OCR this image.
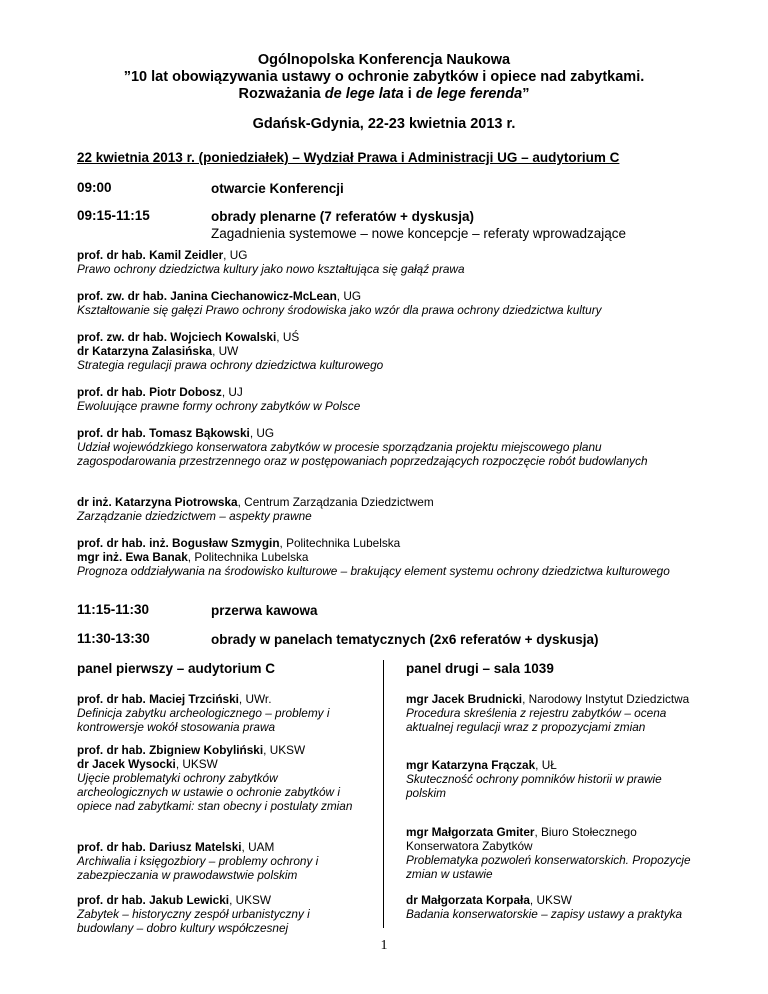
Ogólnopolska Konferencja Naukowa
”10 lat obowiązywania ustawy o ochronie zabytków i opiece nad zabytkami.
Rozważania de lege lata i de lege ferenda”
Gdańsk-Gdynia, 22-23 kwietnia 2013 r.
22 kwietnia 2013 r. (poniedziałek) – Wydział Prawa i Administracji UG – audytorium C
09:00	otwarcie Konferencji
09:15-11:15	obrady plenarne (7 referatów + dyskusja)
Zagadnienia systemowe – nowe koncepcje – referaty wprowadzające
prof. dr hab. Kamil Zeidler, UG
Prawo ochrony dziedzictwa kultury jako nowo kształtująca się gałąź prawa
prof. zw. dr hab. Janina Ciechanowicz-McLean, UG
Kształtowanie się gałęzi Prawo ochrony środowiska jako wzór dla prawa ochrony dziedzictwa kultury
prof. zw. dr hab. Wojciech Kowalski, UŚ
dr Katarzyna Zalasińska, UW
Strategia regulacji prawa ochrony dziedzictwa kulturowego
prof. dr hab. Piotr Dobosz, UJ
Ewoluujące prawne formy ochrony zabytków w Polsce
prof. dr hab. Tomasz Bąkowski, UG
Udział wojewódzkiego konserwatora zabytków w procesie sporządzania projektu miejscowego planu zagospodarowania przestrzennego oraz w postępowaniach poprzedzających rozpoczęcie robót budowlanych
dr inż. Katarzyna Piotrowska, Centrum Zarządzania Dziedzictwem
Zarządzanie dziedzictwem – aspekty prawne
prof. dr hab. inż. Bogusław Szmygin, Politechnika Lubelska
mgr inż. Ewa Banak, Politechnika Lubelska
Prognoza oddziaływania na środowisko kulturowe – brakujący element systemu ochrony dziedzictwa kulturowego
11:15-11:30	przerwa kawowa
11:30-13:30	obrady w panelach tematycznych (2x6 referatów + dyskusja)
panel pierwszy – audytorium C	panel drugi – sala 1039
prof. dr hab. Maciej Trzciński, UWr.
Definicja zabytku archeologicznego – problemy i kontrowersje wokół stosowania prawa
prof. dr hab. Zbigniew Kobyliński, UKSW
dr Jacek Wysocki, UKSW
Ujęcie problematyki ochrony zabytków archeologicznych w ustawie o ochronie zabytków i opiece nad zabytkami: stan obecny i postulaty zmian
prof. dr hab. Dariusz Matelski, UAM
Archiwalia i księgozbiory – problemy ochrony i zabezpieczania w prawodawstwie polskim
prof. dr hab. Jakub Lewicki, UKSW
Zabytek – historyczny zespół urbanistyczny i budowlany – dobro kultury współczesnej
mgr Jacek Brudnicki, Narodowy Instytut Dziedzictwa
Procedura skreślenia z rejestru zabytków – ocena aktualnej regulacji wraz z propozycjami zmian
mgr Katarzyna Frączak, UŁ
Skuteczność ochrony pomników historii w prawie polskim
mgr Małgorzata Gmiter, Biuro Stołecznego Konserwatora Zabytków
Problematyka pozwoleń konserwatorskich. Propozycje zmian w ustawie
dr Małgorzata Korpała, UKSW
Badania konserwatorskie – zapisy ustawy a praktyka
1
